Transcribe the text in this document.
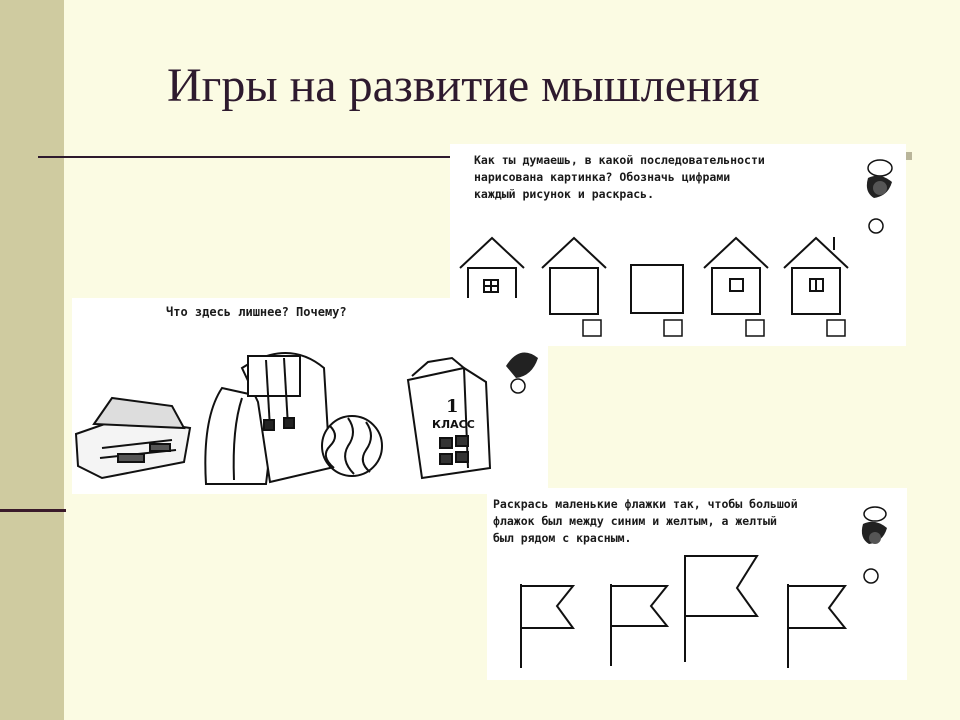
Игры на развитие мышления

Как ты думаешь, в какой последовательности
нарисована картинка? Обозначь цифрами
каждый рисунок и раскрась.

1
КЛАСС

Что здесь лишнее? Почему?

Раскрась маленькие флажки так, чтобы большой
флажок был между синим и желтым, а желтый
был рядом с красным.
